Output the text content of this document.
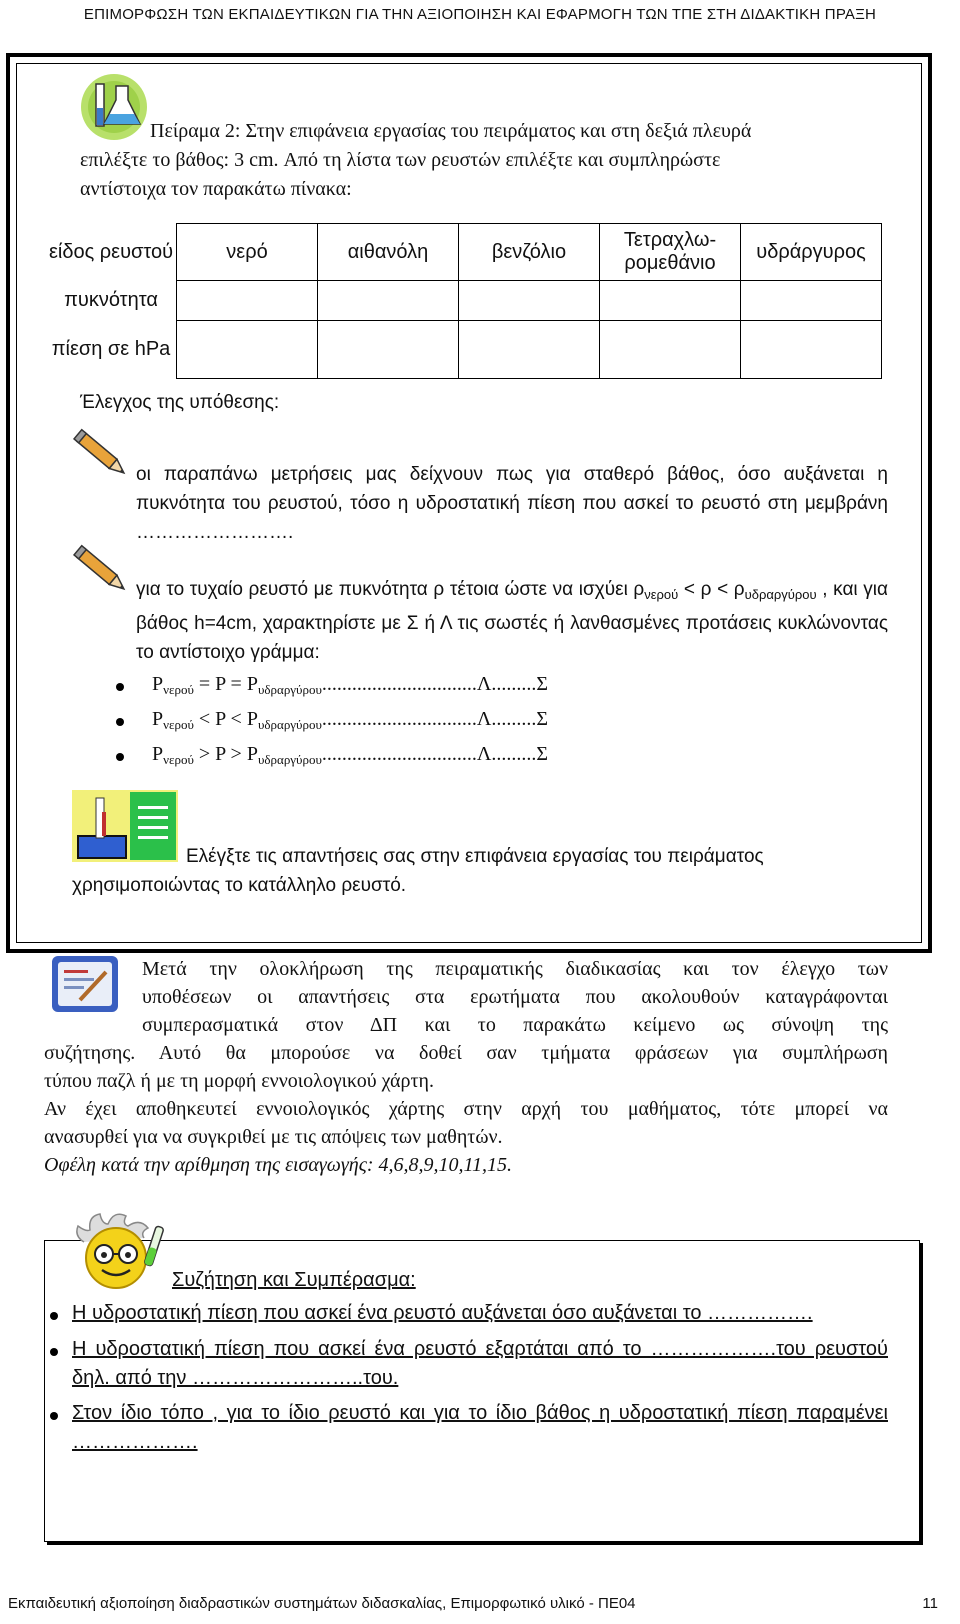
ΕΠΙΜΟΡΦΩΣΗ ΤΩΝ ΕΚΠΑΙΔΕΥΤΙΚΩΝ ΓΙΑ ΤΗΝ ΑΞΙΟΠΟΙΗΣΗ ΚΑΙ ΕΦΑΡΜΟΓΗ ΤΩΝ ΤΠΕ ΣΤΗ ΔΙΔΑΚΤΙΚΗ ΠΡΑΞΗ
Πείραμα 2: Στην επιφάνεια εργασίας του πειράματος και στη δεξιά πλευρά
επιλέξτε το βάθος: 3 cm. Από τη λίστα των ρευστών επιλέξτε και συμπληρώστε
αντίστοιχα τον παρακάτω πίνακα:
είδος ρευστού	νερό	αιθανόλη	βενζόλιο	Τετραχλω-ρομεθάνιο	υδράργυρος
πυκνότητα					
πίεση σε hPa					
Έλεγχος της υπόθεσης:
οι παραπάνω μετρήσεις μας δείχνουν πως για σταθερό βάθος, όσο αυξάνεται η πυκνότητα του ρευστού, τόσο η υδροστατική πίεση που ασκεί το ρευστό στη μεμβράνη …………………….
για το τυχαίο ρευστό με πυκνότητα ρ τέτοια ώστε να ισχύει $\rho_{\nu\varepsilon\rho oύ} < \rho < \rho_{\upsilon\delta\rho\alpha\rho\gamma ύ\rho o\upsilon}$ , και για βάθος h=4cm, χαρακτηρίστε με Σ ή Λ τις σωστές ή λανθασμένες προτάσεις κυκλώνοντας το αντίστοιχο γράμμα:
$P_{\nu\varepsilon\rho oύ} = P = P_{\upsilon\delta\rho\alpha\rho\gamma ύ\rho o\upsilon}...............................\Lambda.........\Sigma$
$P_{\nu\varepsilon\rho oύ} < P < P_{\upsilon\delta\rho\alpha\rho\gamma ύ\rho o\upsilon}...............................\Lambda.........\Sigma$
$P_{\nu\varepsilon\rho oύ} > P > P_{\upsilon\delta\rho\alpha\rho\gamma ύ\rho o\upsilon}...............................\Lambda.........\Sigma$
Ελέγξτε τις απαντήσεις σας στην επιφάνεια εργασίας του πειράματος
χρησιμοποιώντας το κατάλληλο ρευστό.
Μετά την ολοκλήρωση της πειραματικής διαδικασίας και τον έλεγχο των
υποθέσεων οι απαντήσεις στα ερωτήματα που ακολουθούν καταγράφονται
συμπερασματικά στον ΔΠ και το παρακάτω κείμενο ως σύνοψη της
συζήτησης. Αυτό θα μπορούσε να δοθεί σαν τμήματα φράσεων για συμπλήρωση
τύπου παζλ ή με τη μορφή εννοιολογικού χάρτη.
Αν έχει αποθηκευτεί εννοιολογικός χάρτης στην αρχή του μαθήματος, τότε μπορεί να
ανασυρθεί για να συγκριθεί με τις απόψεις των μαθητών.
Οφέλη κατά την αρίθμηση της εισαγωγής: 4,6,8,9,10,11,15.
Συζήτηση και Συμπέρασμα:
Η υδροστατική πίεση που ασκεί ένα ρευστό αυξάνεται όσο αυξάνεται το …………….
Η υδροστατική πίεση που ασκεί ένα ρευστό εξαρτάται από το ……………….του ρευστού δηλ. από την ……………………..του.
Στον ίδιο τόπο , για το ίδιο ρευστό και για το ίδιο βάθος η υδροστατική πίεση παραμένει ……………….
Εκπαιδευτική αξιοποίηση διαδραστικών συστημάτων διδασκαλίας, Επιμορφωτικό υλικό - ΠΕ04	11
